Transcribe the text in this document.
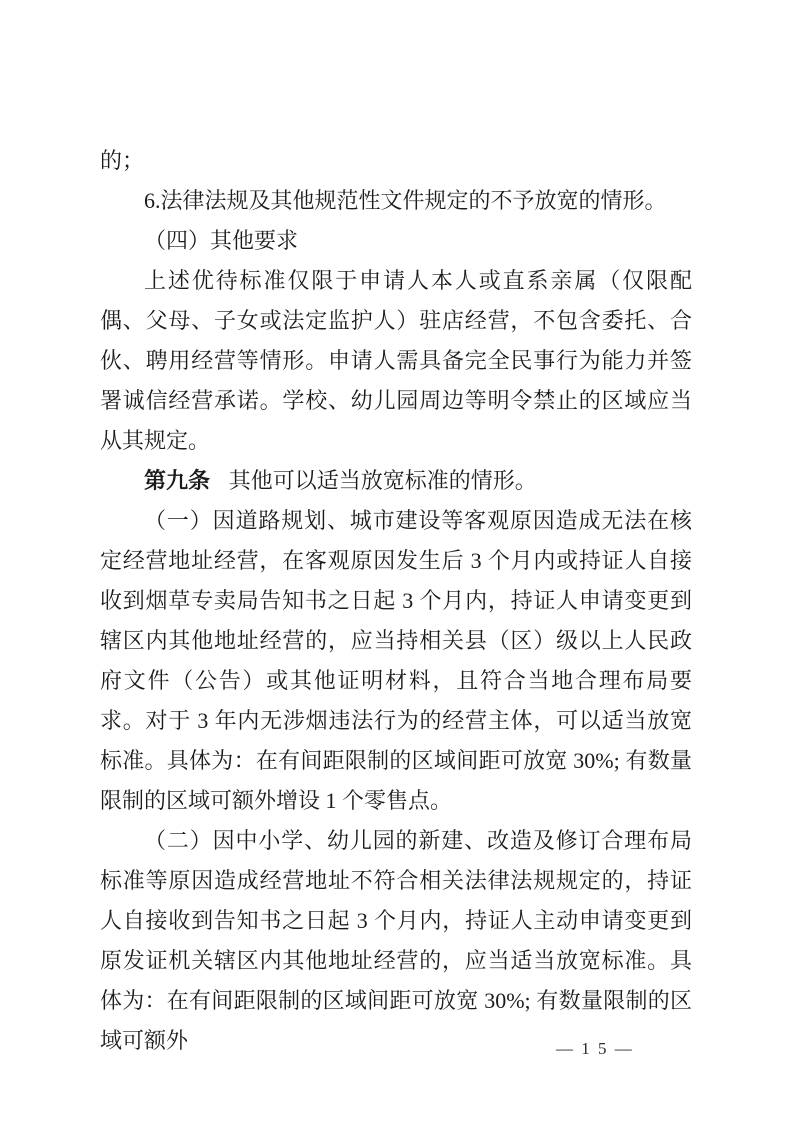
的；

6.法律法规及其他规范性文件规定的不予放宽的情形。

（四）其他要求

上述优待标准仅限于申请人本人或直系亲属（仅限配偶、父母、子女或法定监护人）驻店经营，不包含委托、合伙、聘用经营等情形。申请人需具备完全民事行为能力并签署诚信经营承诺。学校、幼儿园周边等明令禁止的区域应当从其规定。

第九条 其他可以适当放宽标准的情形。

（一）因道路规划、城市建设等客观原因造成无法在核定经营地址经营，在客观原因发生后 3 个月内或持证人自接收到烟草专卖局告知书之日起 3 个月内，持证人申请变更到辖区内其他地址经营的，应当持相关县（区）级以上人民政府文件（公告）或其他证明材料，且符合当地合理布局要求。对于 3 年内无涉烟违法行为的经营主体，可以适当放宽标准。具体为：在有间距限制的区域间距可放宽 30%; 有数量限制的区域可额外增设 1 个零售点。

（二）因中小学、幼儿园的新建、改造及修订合理布局标准等原因造成经营地址不符合相关法律法规规定的，持证人自接收到告知书之日起 3 个月内，持证人主动申请变更到原发证机关辖区内其他地址经营的，应当适当放宽标准。具体为：在有间距限制的区域间距可放宽 30%; 有数量限制的区域可额外	— 1 5 —
